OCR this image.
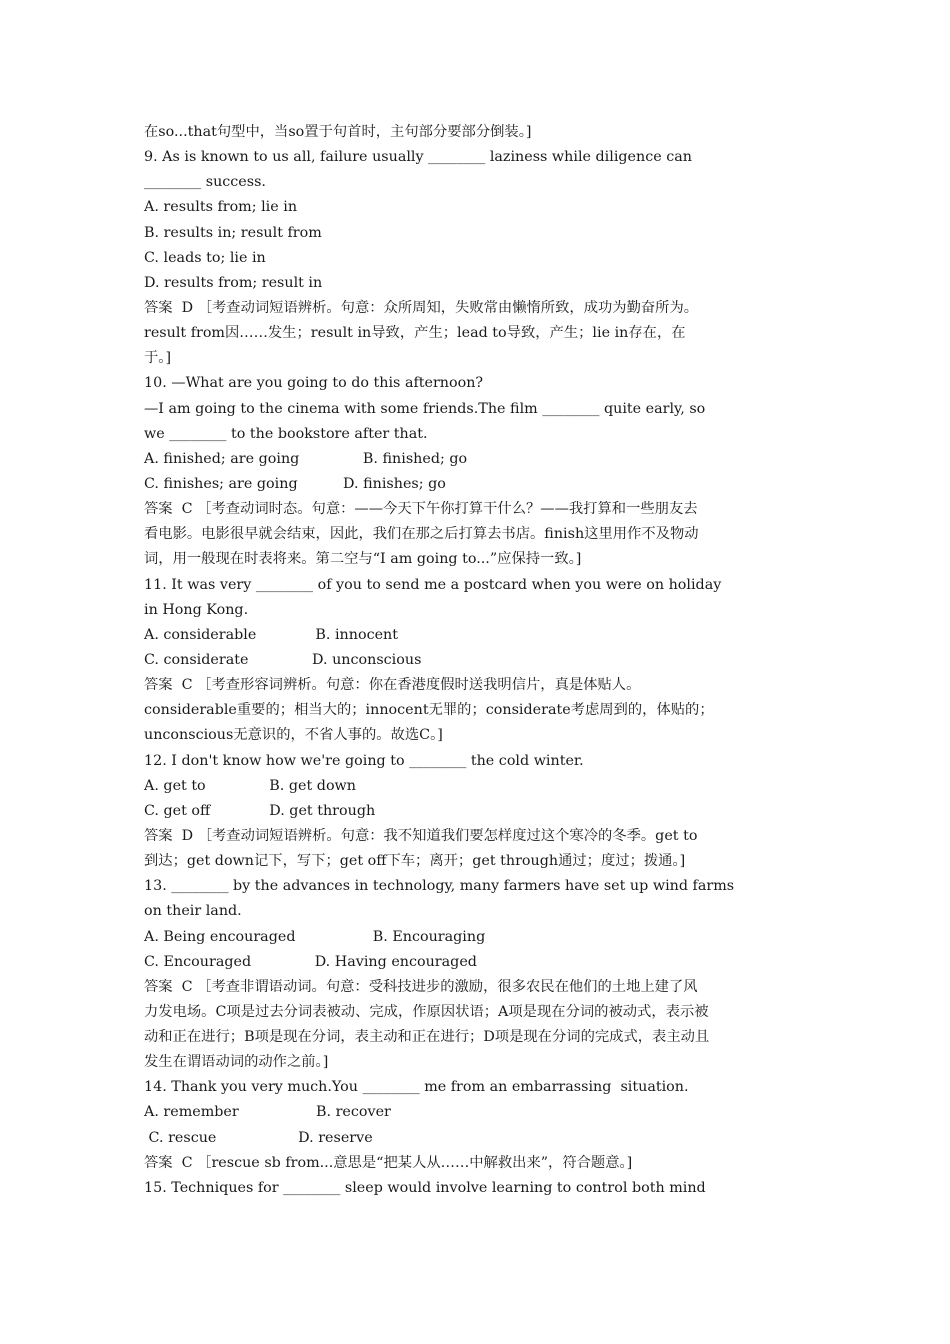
在so...that句型中，当so置于句首时，主句部分要部分倒装。]
9. As is known to us all, failure usually ________ laziness while diligence can
________ success.
A. results from; lie in
B. results in; result from
C. leads to; lie in
D. results from; result in
答案  D ［考查动词短语辨析。句意：众所周知，失败常由懒惰所致，成功为勤奋所为。
result from因……发生；result in导致，产生；lead to导致，产生；lie in存在，在
于。]
10. —What are you going to do this afternoon?
—I am going to the cinema with some friends.The film ________ quite early, so
we ________ to the bookstore after that.
A. finished; are going              B. finished; go
C. finishes; are going          D. finishes; go
答案  C ［考查动词时态。句意：——今天下午你打算干什么？——我打算和一些朋友去
看电影。电影很早就会结束，因此，我们在那之后打算去书店。finish这里用作不及物动
词，用一般现在时表将来。第二空与“I am going to...”应保持一致。]
11. It was very ________ of you to send me a postcard when you were on holiday
in Hong Kong.
A. considerable             B. innocent
C. considerate              D. unconscious
答案  C ［考查形容词辨析。句意：你在香港度假时送我明信片，真是体贴人。
considerable重要的；相当大的；innocent无罪的；considerate考虑周到的，体贴的；
unconscious无意识的，不省人事的。故选C。]
12. I don't know how we're going to ________ the cold winter.
A. get to              B. get down
C. get off             D. get through
答案  D ［考查动词短语辨析。句意：我不知道我们要怎样度过这个寒冷的冬季。get to
到达；get down记下，写下；get off下车；离开；get through通过；度过；拨通。]
13. ________ by the advances in technology, many farmers have set up wind farms
on their land.
A. Being encouraged                 B. Encouraging
C. Encouraged              D. Having encouraged
答案  C ［考查非谓语动词。句意：受科技进步的激励，很多农民在他们的土地上建了风
力发电场。C项是过去分词表被动、完成，作原因状语；A项是现在分词的被动式，表示被
动和正在进行；B项是现在分词，表主动和正在进行；D项是现在分词的完成式，表主动且
发生在谓语动词的动作之前。]
14. Thank you very much.You ________ me from an embarrassing  situation.
A. remember                 B. recover
C. rescue                  D. reserve
答案  C ［rescue sb from...意思是“把某人从……中解救出来”，符合题意。]
15. Techniques for ________ sleep would involve learning to control both mind
